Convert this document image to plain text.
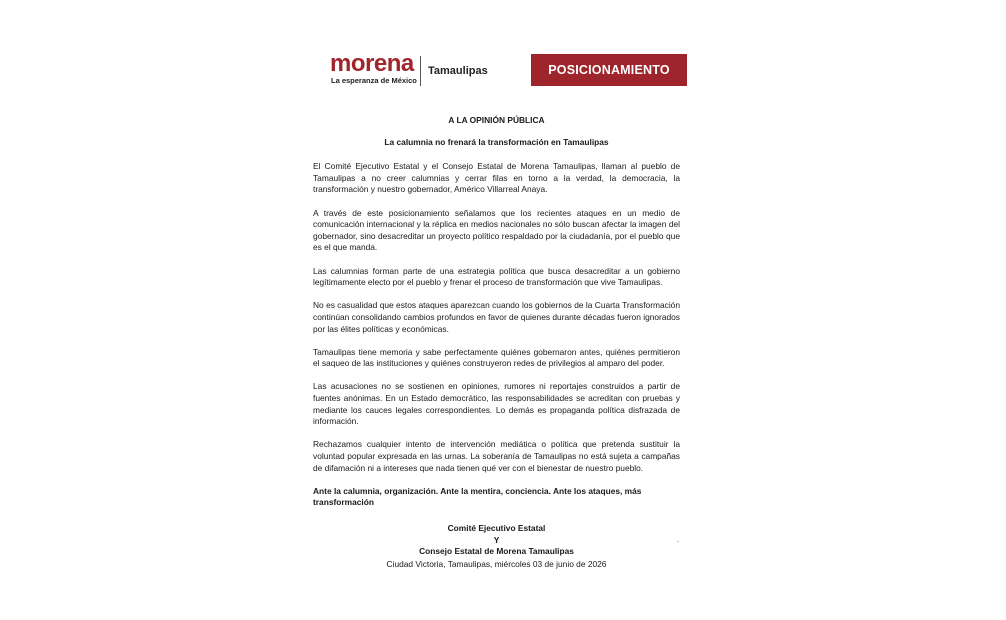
morena
La esperanza de México
Tamaulipas	POSICIONAMIENTO
A LA OPINIÓN PÚBLICA
La calumnia no frenará la transformación en Tamaulipas

El Comité Ejecutivo Estatal y el Consejo Estatal de Morena Tamaulipas, llaman al pueblo de Tamaulipas a no creer calumnias y cerrar filas en torno a la verdad, la democracia, la transformación y nuestro gobernador, Américo Villarreal Anaya.

A través de este posicionamiento señalamos que los recientes ataques en un medio de comunicación internacional y la réplica en medios nacionales no sólo buscan afectar la imagen del gobernador, sino desacreditar un proyecto político respaldado por la ciudadanía, por el pueblo que es el que manda.

Las calumnias forman parte de una estrategia política que busca desacreditar a un gobierno legítimamente electo por el pueblo y frenar el proceso de transformación que vive Tamaulipas.

No es casualidad que estos ataques aparezcan cuando los gobiernos de la Cuarta Transformación continúan consolidando cambios profundos en favor de quienes durante décadas fueron ignorados por las élites políticas y económicas.

Tamaulipas tiene memoria y sabe perfectamente quiénes gobernaron antes, quiénes permitieron el saqueo de las instituciones y quiénes construyeron redes de privilegios al amparo del poder.

Las acusaciones no se sostienen en opiniones, rumores ni reportajes construidos a partir de fuentes anónimas. En un Estado democrático, las responsabilidades se acreditan con pruebas y mediante los cauces legales correspondientes. Lo demás es propaganda política disfrazada de información.

Rechazamos cualquier intento de intervención mediática o política que pretenda sustituir la voluntad popular expresada en las urnas. La soberanía de Tamaulipas no está sujeta a campañas de difamación ni a intereses que nada tienen qué ver con el bienestar de nuestro pueblo.

Ante la calumnia, organización. Ante la mentira, conciencia. Ante los ataques, más transformación
Comité Ejecutivo Estatal
Y
Consejo Estatal de Morena Tamaulipas
.
Ciudad Victoria, Tamaulipas, miércoles 03 de junio de 2026
